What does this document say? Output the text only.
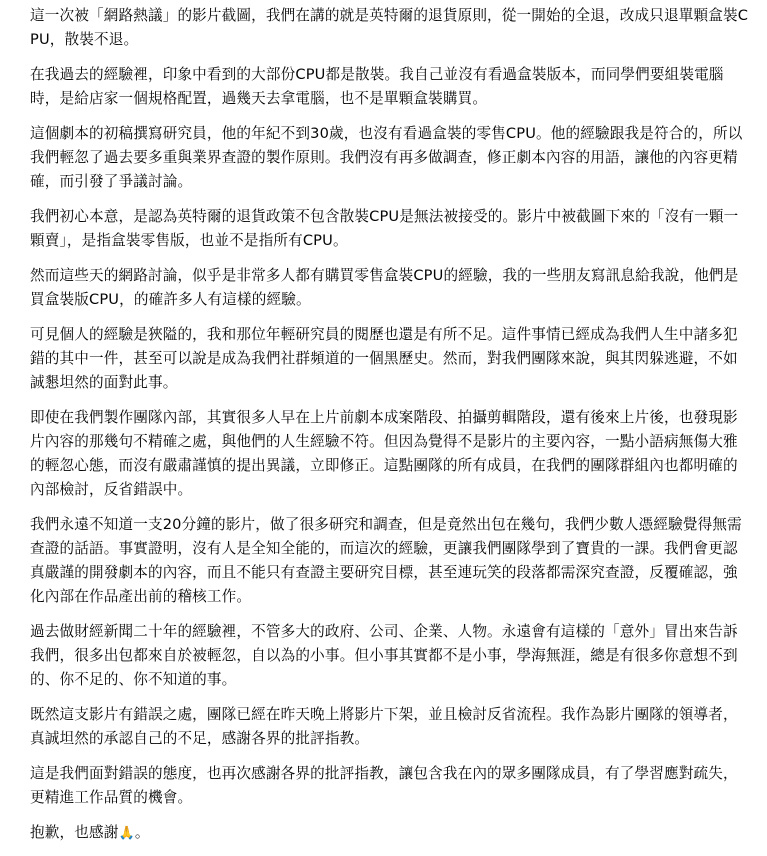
這一次被「網路熱議」的影片截圖，我們在講的就是英特爾的退貨原則，從一開始的全退，改成只退單顆盒裝CPU，散裝不退。

在我過去的經驗裡，印象中看到的大部份CPU都是散裝。我自己並沒有看過盒裝版本，而同學們要組裝電腦時，是給店家一個規格配置，過幾天去拿電腦，也不是單顆盒裝購買。

這個劇本的初稿撰寫研究員，他的年紀不到30歲，也沒有看過盒裝的零售CPU。他的經驗跟我是符合的，所以我們輕忽了過去要多重與業界查證的製作原則。我們沒有再多做調查，修正劇本內容的用語，讓他的內容更精確，而引發了爭議討論。

我們初心本意，是認為英特爾的退貨政策不包含散裝CPU是無法被接受的。影片中被截圖下來的「沒有一顆一顆賣」，是指盒裝零售版，也並不是指所有CPU。

然而這些天的網路討論，似乎是非常多人都有購買零售盒裝CPU的經驗，我的一些朋友寫訊息給我說，他們是買盒裝版CPU，的確許多人有這樣的經驗。

可見個人的經驗是狹隘的，我和那位年輕研究員的閱歷也還是有所不足。這件事情已經成為我們人生中諸多犯錯的其中一件，甚至可以說是成為我們社群頻道的一個黑歷史。然而，對我們團隊來說，與其閃躲逃避，不如誠懇坦然的面對此事。

即使在我們製作團隊內部，其實很多人早在上片前劇本成案階段、拍攝剪輯階段，還有後來上片後，也發現影片內容的那幾句不精確之處，與他們的人生經驗不符。但因為覺得不是影片的主要內容，一點小語病無傷大雅的輕忽心態，而沒有嚴肅謹慎的提出異議，立即修正。這點團隊的所有成員，在我們的團隊群組內也都明確的內部檢討，反省錯誤中。

我們永遠不知道一支20分鐘的影片，做了很多研究和調查，但是竟然出包在幾句，我們少數人憑經驗覺得無需查證的話語。事實證明，沒有人是全知全能的，而這次的經驗，更讓我們團隊學到了寶貴的一課。我們會更認真嚴謹的開發劇本的內容，而且不能只有查證主要研究目標，甚至連玩笑的段落都需深究查證，反覆確認，強化內部在作品產出前的稽核工作。

過去做財經新聞二十年的經驗裡，不管多大的政府、公司、企業、人物。永遠會有這樣的「意外」冒出來告訴我們，很多出包都來自於被輕忽，自以為的小事。但小事其實都不是小事，學海無涯，總是有很多你意想不到的、你不足的、你不知道的事。

既然這支影片有錯誤之處，團隊已經在昨天晚上將影片下架，並且檢討反省流程。我作為影片團隊的領導者，真誠坦然的承認自己的不足，感謝各界的批評指教。

這是我們面對錯誤的態度，也再次感謝各界的批評指教，讓包含我在內的眾多團隊成員，有了學習應對疏失，更精進工作品質的機會。

抱歉，也感謝🙏。
